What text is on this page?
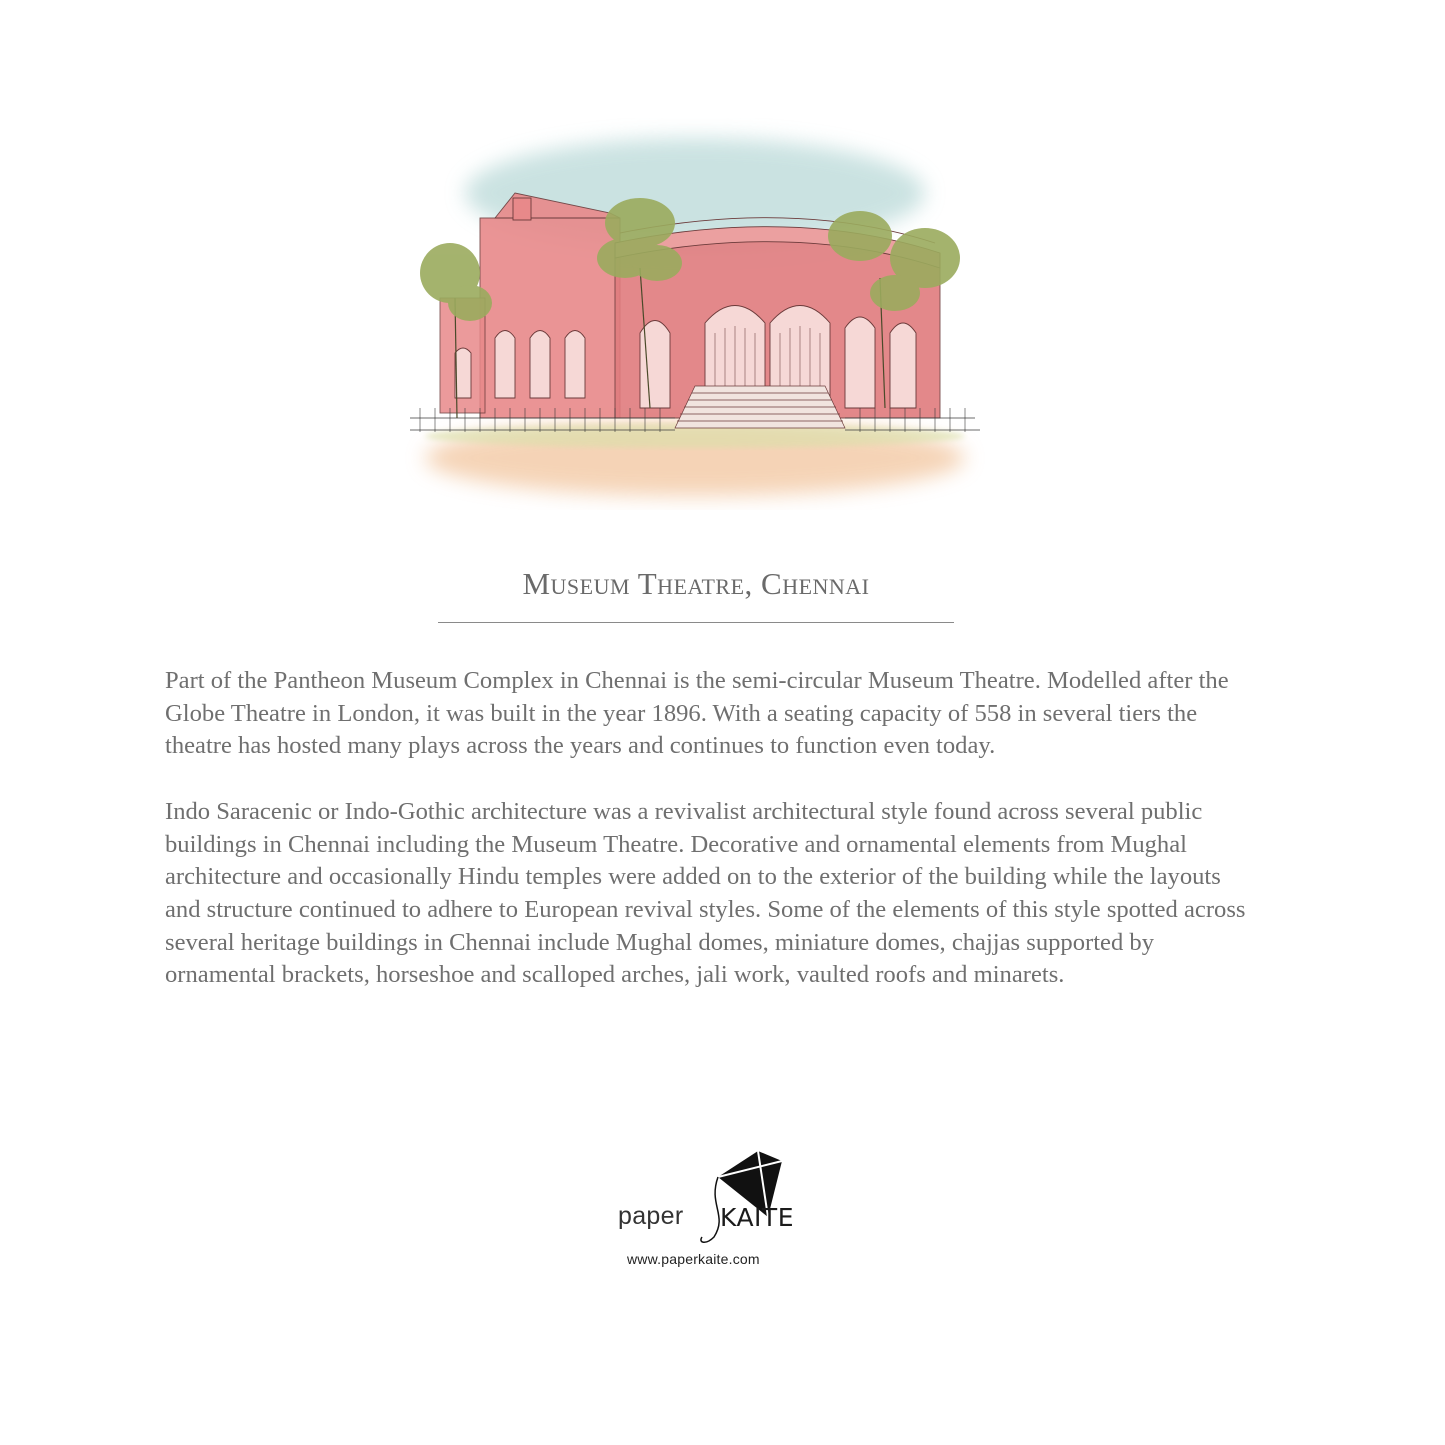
Museum Theatre, Chennai

Part of the Pantheon Museum Complex in Chennai is the semi-circular Museum Theatre. Modelled after the Globe Theatre in London, it was built in the year 1896. With a seating capacity of 558 in several tiers the theatre has hosted many plays across the years and continues to function even today.

Indo Saracenic or Indo-Gothic architecture was a revivalist architectural style found across several public buildings in Chennai including the Museum Theatre. Decorative and ornamental elements from Mughal architecture and occasionally Hindu temples were added on to the exterior of the building while the layouts and structure continued to adhere to European revival styles. Some of the elements of this style spotted across several heritage buildings in Chennai include Mughal domes, miniature domes, chajjas supported by ornamental brackets, horseshoe and scalloped arches, jali work, vaulted roofs and minarets.

paper KAITE
www.paperkaite.com
